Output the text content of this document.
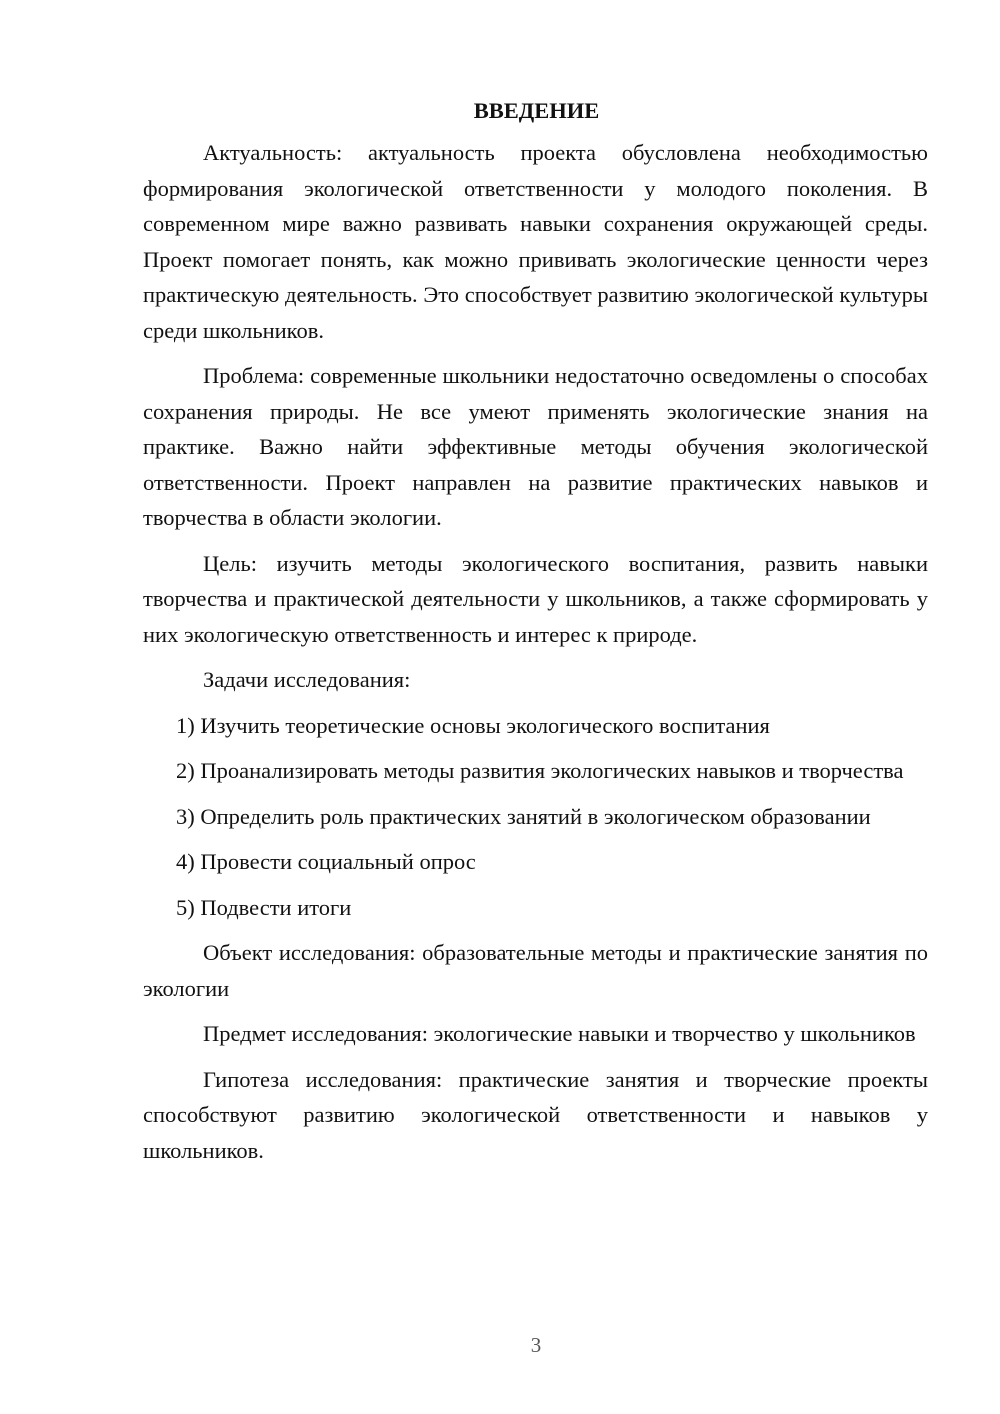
ВВЕДЕНИЕ

Актуальность: актуальность проекта обусловлена необходимостью формирования экологической ответственности у молодого поколения. В современном мире важно развивать навыки сохранения окружающей среды. Проект помогает понять, как можно прививать экологические ценности через практическую деятельность. Это способствует развитию экологической культуры среди школьников.

Проблема: современные школьники недостаточно осведомлены о способах сохранения природы. Не все умеют применять экологические знания на практике. Важно найти эффективные методы обучения экологической ответственности. Проект направлен на развитие практических навыков и творчества в области экологии.

Цель: изучить методы экологического воспитания, развить навыки творчества и практической деятельности у школьников, а также сформировать у них экологическую ответственность и интерес к природе.

Задачи исследования:

1) Изучить теоретические основы экологического воспитания

2) Проанализировать методы развития экологических навыков и творчества

3) Определить роль практических занятий в экологическом образовании

4) Провести социальный опрос

5) Подвести итоги

Объект исследования: образовательные методы и практические занятия по экологии

Предмет исследования: экологические навыки и творчество у школьников

Гипотеза исследования: практические занятия и творческие проекты способствуют развитию экологической ответственности и навыков у школьников.

3
